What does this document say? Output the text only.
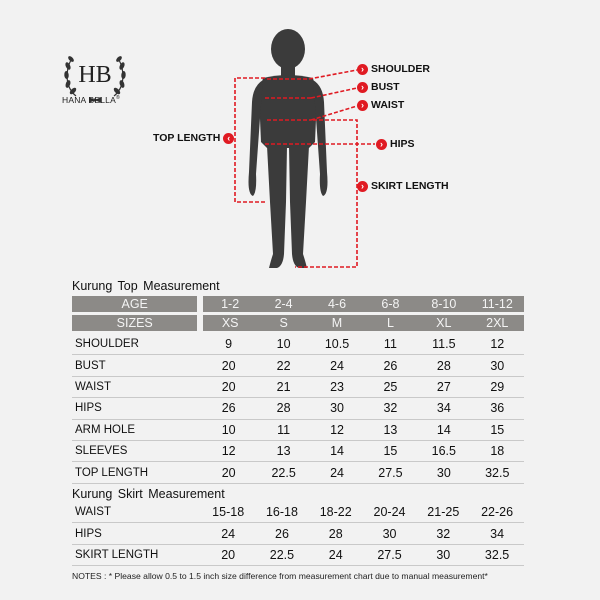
HB
HANA BELLA®
› SHOULDER
› BUST
› WAIST
› HIPS
› SKIRT LENGTH
TOP LENGTH ‹
Kurung Top Measurement
AGE	1-2	2-4	4-6	6-8	8-10	11-12
SIZES	XS	S	M	L	XL	2XL
SHOULDER	9	10	10.5	11	11.5	12
BUST	20	22	24	26	28	30
WAIST	20	21	23	25	27	29
HIPS	26	28	30	32	34	36
ARM HOLE	10	11	12	13	14	15
SLEEVES	12	13	14	15	16.5	18
TOP LENGTH	20	22.5	24	27.5	30	32.5
Kurung Skirt Measurement
WAIST	15-18	16-18	18-22	20-24	21-25	22-26
HIPS	24	26	28	30	32	34
SKIRT LENGTH	20	22.5	24	27.5	30	32.5
NOTES : * Please allow 0.5 to 1.5 inch size difference from measurement chart due to manual measurement*
